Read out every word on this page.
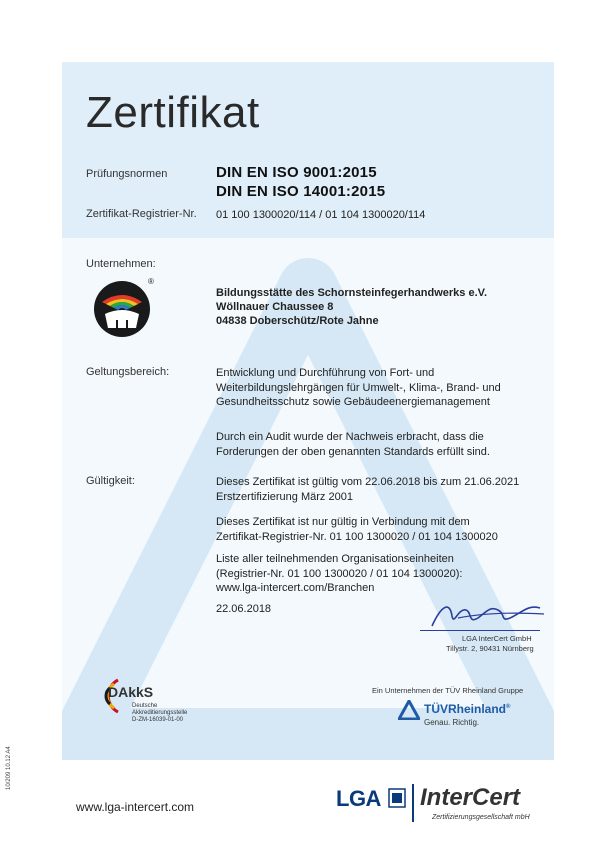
Zertifikat
Prüfungsnormen	DIN EN ISO 9001:2015
DIN EN ISO 14001:2015
Zertifikat-Registrier-Nr. 01 100 1300020/114 / 01 104 1300020/114
Unternehmen:
®
Bildungsstätte des Schornsteinfegerhandwerks e.V.
Wöllnauer Chaussee 8
04838 Doberschütz/Rote Jahne
Geltungsbereich:	Entwicklung und Durchführung von Fort- und
Weiterbildungslehrgängen für Umwelt-, Klima-, Brand- und
Gesundheitsschutz sowie Gebäudeenergiemanagement
Durch ein Audit wurde der Nachweis erbracht, dass die
Forderungen der oben genannten Standards erfüllt sind.
Gültigkeit:	Dieses Zertifikat ist gültig vom 22.06.2018 bis zum 21.06.2021
Erstzertifizierung März 2001
Dieses Zertifikat ist nur gültig in Verbindung mit dem
Zertifikat-Registrier-Nr. 01 100 1300020 / 01 104 1300020
Liste aller teilnehmenden Organisationseinheiten
(Registrier-Nr. 01 100 1300020 / 01 104 1300020):
www.lga-intercert.com/Branchen
22.06.2018
LGA InterCert GmbH
Tillystr. 2, 90431 Nürnberg
DAkkS
Deutsche
Akkreditierungsstelle
D-ZM-16039-01-00
Ein Unternehmen der TÜV Rheinland Gruppe
TÜVRheinland®
Genau. Richtig.
10/209 10.12 A4
www.lga-intercert.com	LGA InterCert
Zertifizierungsgesellschaft mbH
